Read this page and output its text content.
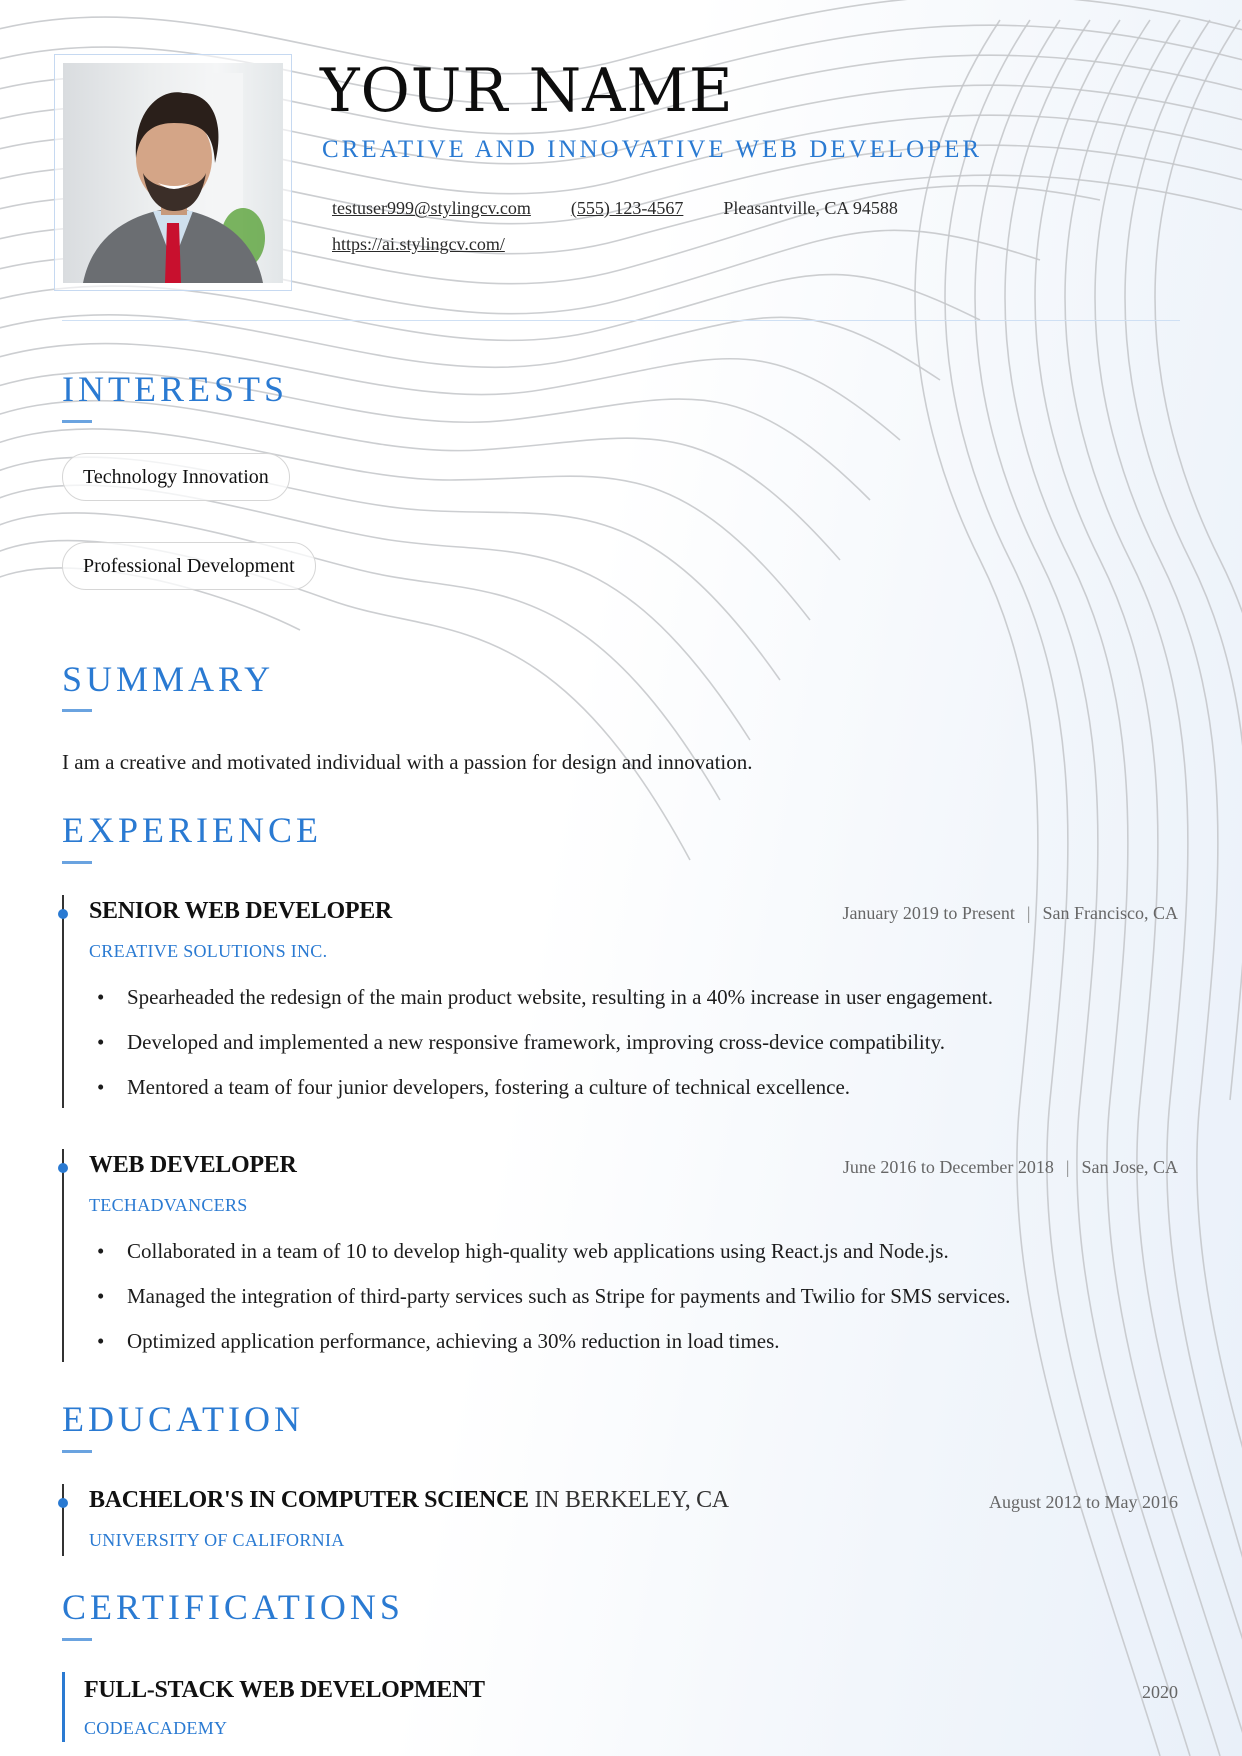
YOUR NAME
CREATIVE AND INNOVATIVE WEB DEVELOPER
testuser999@stylingcv.com (555) 123-4567 Pleasantville, CA 94588
https://ai.stylingcv.com/
INTERESTS
Technology Innovation
Professional Development
SUMMARY

I am a creative and motivated individual with a passion for design and innovation.

EXPERIENCE
SENIOR WEB DEVELOPER	January 2019 to Present | San Francisco, CA
CREATIVE SOLUTIONS INC.
• Spearheaded the redesign of the main product website, resulting in a 40% increase in user engagement.
• Developed and implemented a new responsive framework, improving cross-device compatibility.
• Mentored a team of four junior developers, fostering a culture of technical excellence.
WEB DEVELOPER	June 2016 to December 2018 | San Jose, CA
TECHADVANCERS
• Collaborated in a team of 10 to develop high-quality web applications using React.js and Node.js.
• Managed the integration of third-party services such as Stripe for payments and Twilio for SMS services.
• Optimized application performance, achieving a 30% reduction in load times.
EDUCATION
BACHELOR'S IN COMPUTER SCIENCE IN BERKELEY, CA	August 2012 to May 2016
UNIVERSITY OF CALIFORNIA
CERTIFICATIONS
FULL-STACK WEB DEVELOPMENT	2020
CODEACADEMY
